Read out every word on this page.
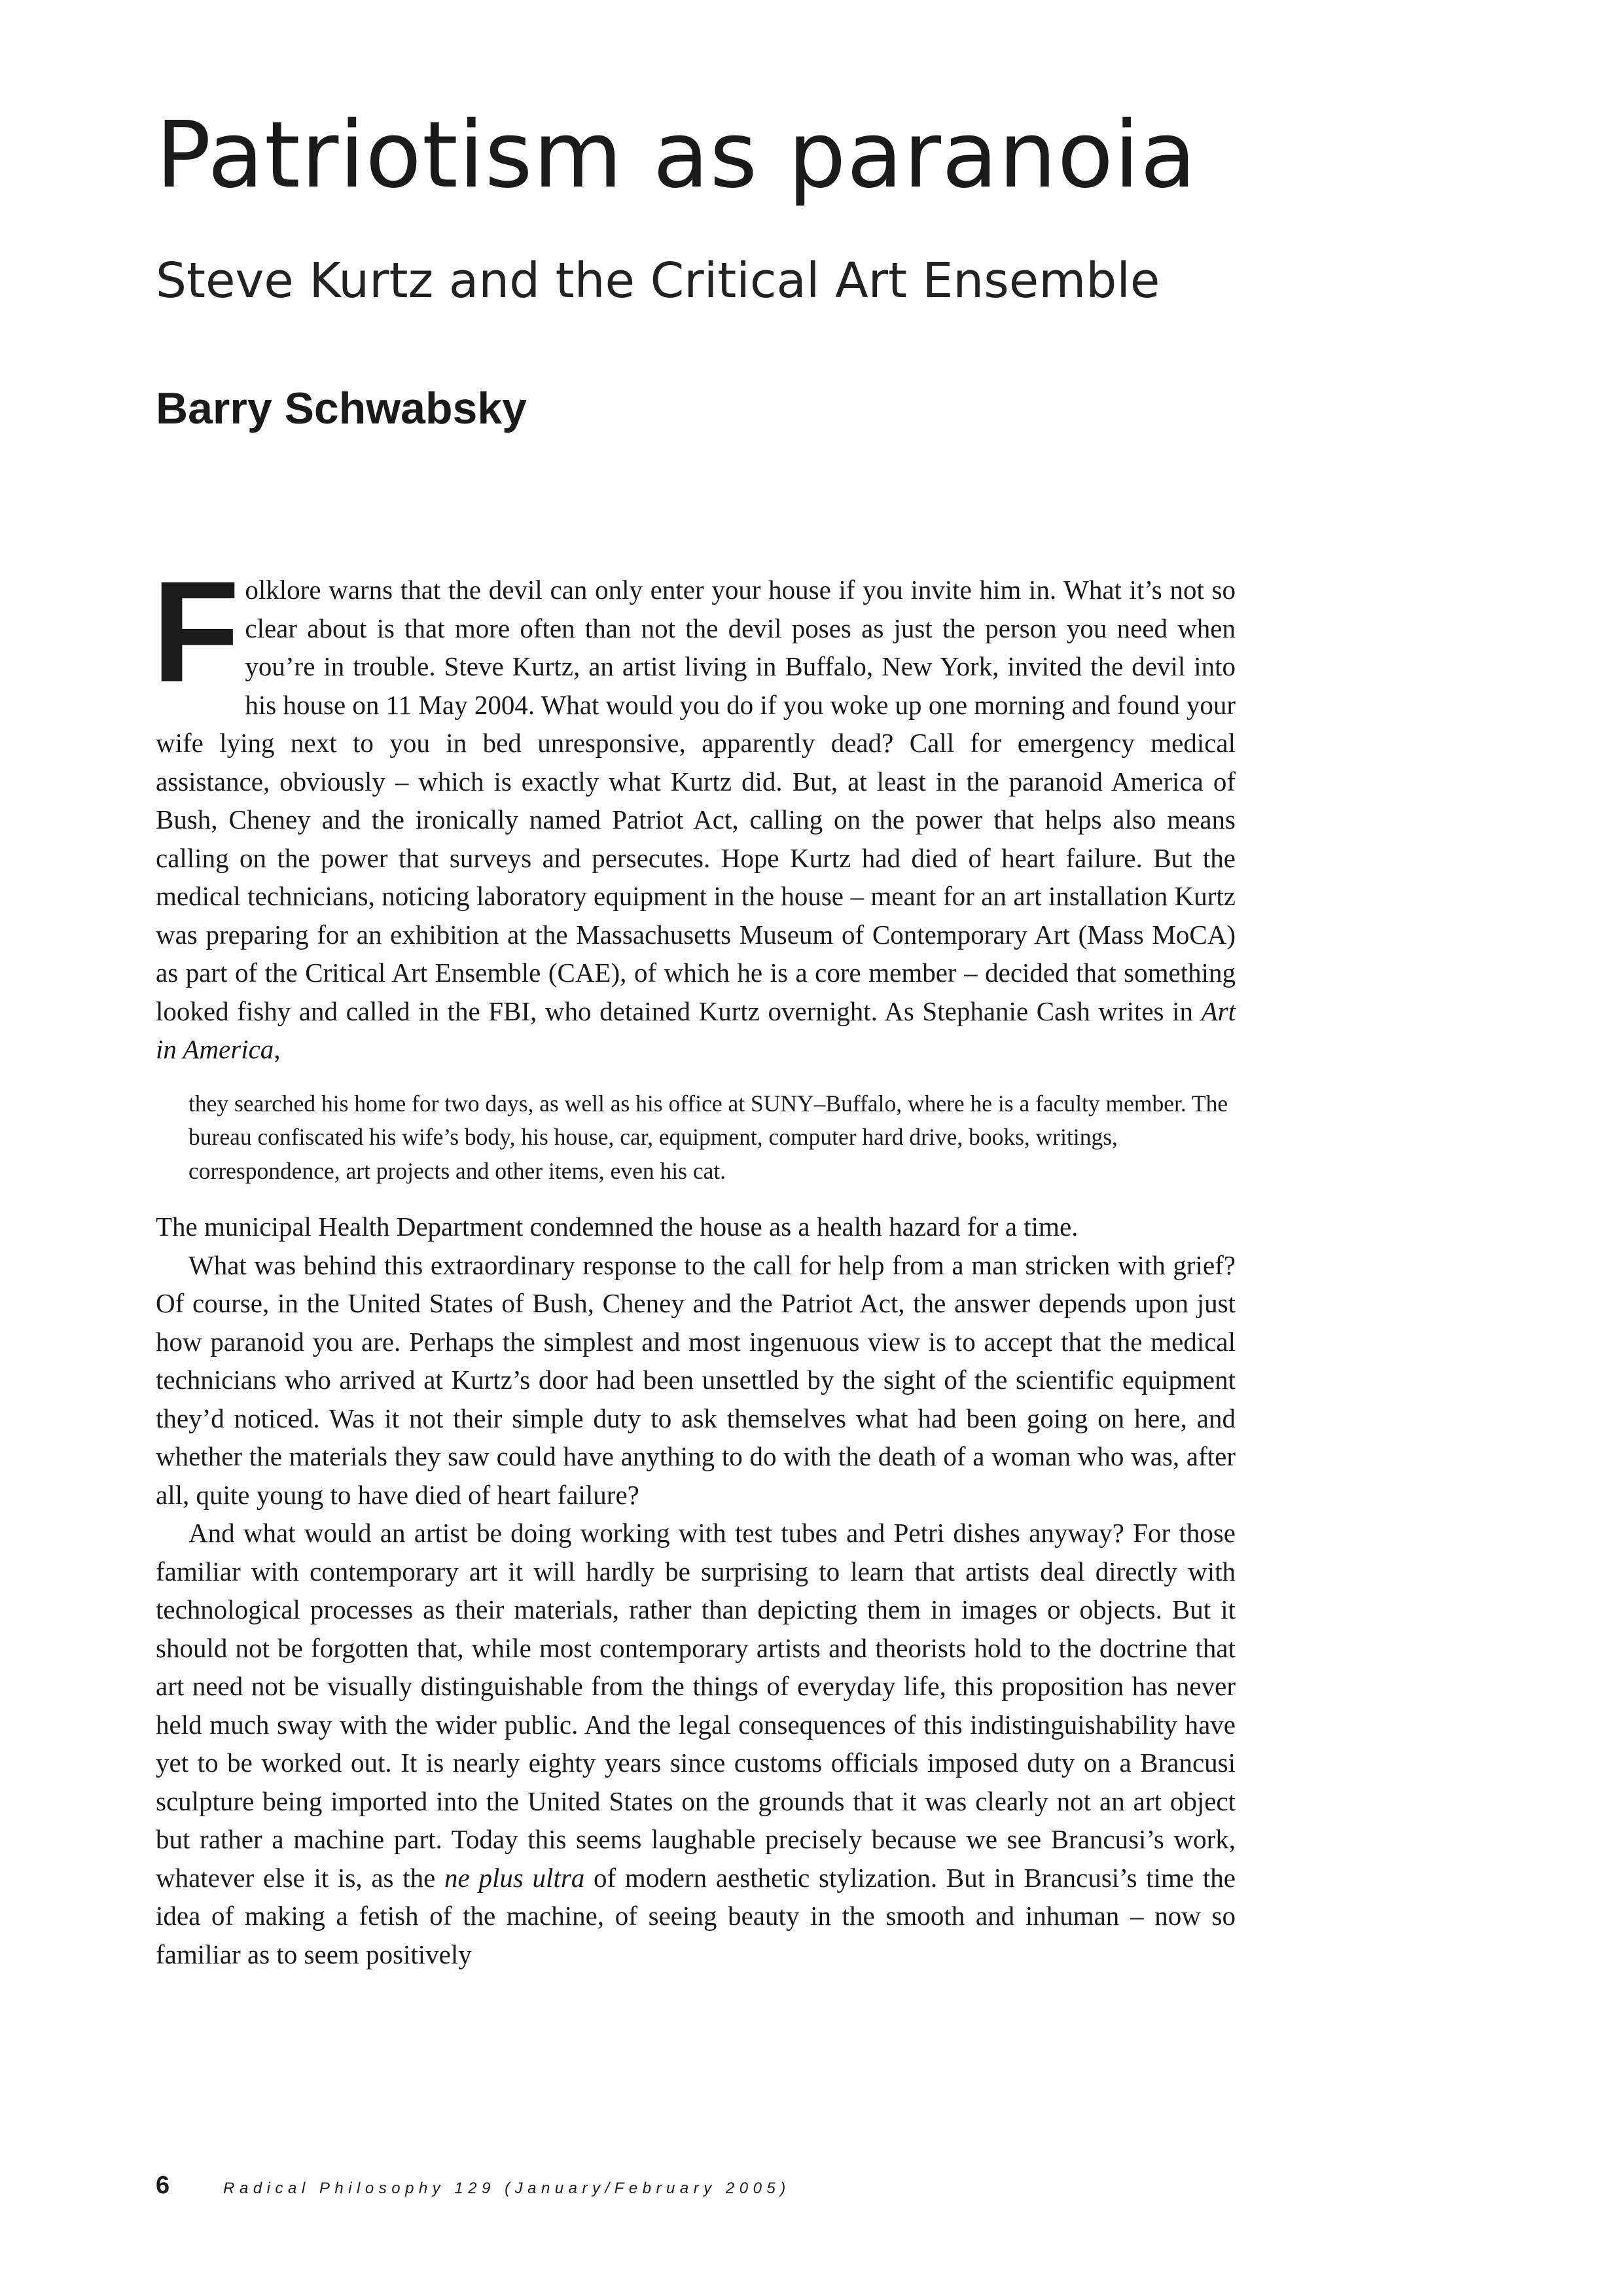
Patriotism as paranoia
Steve Kurtz and the Critical Art Ensemble
Barry Schwabsky

Folklore warns that the devil can only enter your house if you invite him in. What it’s not so clear about is that more often than not the devil poses as just the person you need when you’re in trouble. Steve Kurtz, an artist living in Buffalo, New York, invited the devil into his house on 11 May 2004. What would you do if you woke up one morning and found your wife lying next to you in bed unresponsive, apparently dead? Call for emergency medical assistance, obviously – which is exactly what Kurtz did. But, at least in the paranoid America of Bush, Cheney and the ironically named Patriot Act, calling on the power that helps also means calling on the power that surveys and persecutes. Hope Kurtz had died of heart failure. But the medical technicians, noticing laboratory equipment in the house – meant for an art installation Kurtz was preparing for an exhibition at the Massachusetts Museum of Contemporary Art (Mass MoCA) as part of the Critical Art Ensemble (CAE), of which he is a core member – decided that something looked fishy and called in the FBI, who detained Kurtz overnight. As Stephanie Cash writes in Art in America,

they searched his home for two days, as well as his office at SUNY–Buffalo, where he is a faculty member. The bureau confiscated his wife’s body, his house, car, equipment, computer hard drive, books, writings, correspondence, art projects and other items, even his cat.

The municipal Health Department condemned the house as a health hazard for a time.

What was behind this extraordinary response to the call for help from a man stricken with grief? Of course, in the United States of Bush, Cheney and the Patriot Act, the answer depends upon just how paranoid you are. Perhaps the simplest and most ingenuous view is to accept that the medical technicians who arrived at Kurtz’s door had been unsettled by the sight of the scientific equipment they’d noticed. Was it not their simple duty to ask themselves what had been going on here, and whether the materials they saw could have anything to do with the death of a woman who was, after all, quite young to have died of heart failure?

And what would an artist be doing working with test tubes and Petri dishes anyway? For those familiar with contemporary art it will hardly be surprising to learn that artists deal directly with technological processes as their materials, rather than depicting them in images or objects. But it should not be forgotten that, while most contemporary artists and theorists hold to the doctrine that art need not be visually distinguishable from the things of everyday life, this proposition has never held much sway with the wider public. And the legal consequences of this indistinguishability have yet to be worked out. It is nearly eighty years since customs officials imposed duty on a Brancusi sculpture being imported into the United States on the grounds that it was clearly not an art object but rather a machine part. Today this seems laughable precisely because we see Brancusi’s work, whatever else it is, as the ne plus ultra of modern aesthetic stylization. But in Brancusi’s time the idea of making a fetish of the machine, of seeing beauty in the smooth and inhuman – now so familiar as to seem positively

6	Radical Philosophy 129 (January/February 2005)
